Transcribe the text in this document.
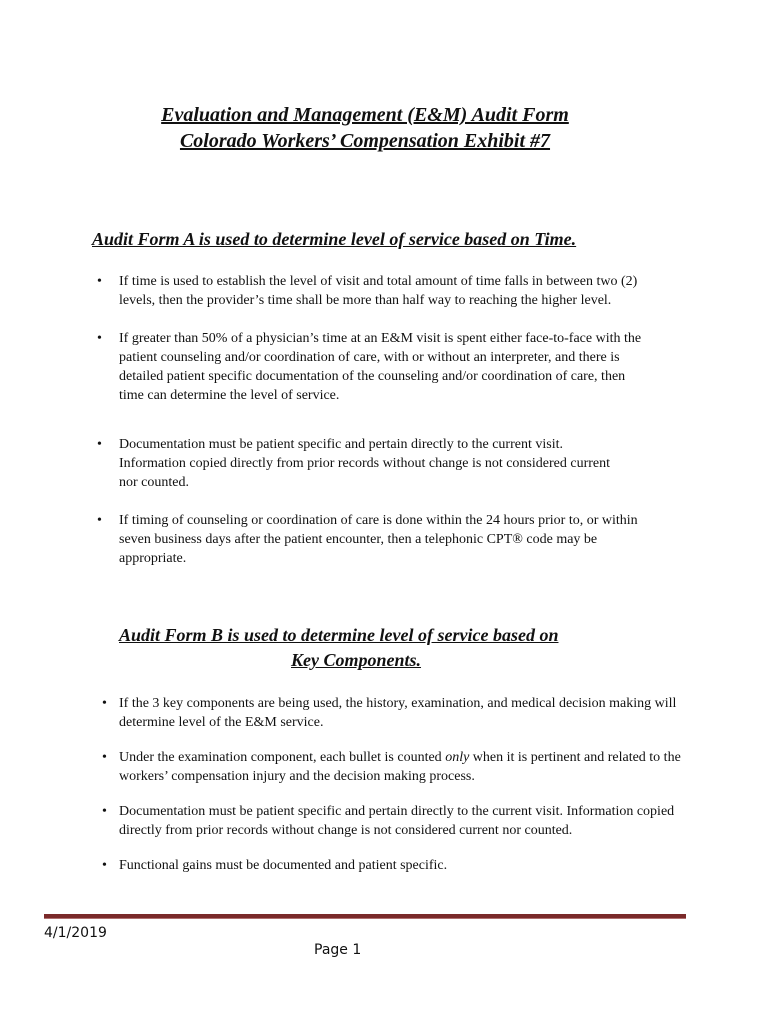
Evaluation and Management (E&M) Audit Form
Colorado Workers’ Compensation Exhibit #7
Audit Form A is used to determine level of service based on Time.
• If time is used to establish the level of visit and total amount of time falls in between two (2) levels, then the provider’s time shall be more than half way to reaching the higher level.
• If greater than 50% of a physician’s time at an E&M visit is spent either face-to-face with the patient counseling and/or coordination of care, with or without an interpreter, and there is detailed patient specific documentation of the counseling and/or coordination of care, then time can determine the level of service.
• Documentation must be patient specific and pertain directly to the current visit. Information copied directly from prior records without change is not considered current nor counted.
• If timing of counseling or coordination of care is done within the 24 hours prior to, or within seven business days after the patient encounter, then a telephonic CPT® code may be appropriate.
Audit Form B is used to determine level of service based on
Key Components.
• If the 3 key components are being used, the history, examination, and medical decision making will determine level of the E&M service.
• Under the examination component, each bullet is counted only when it is pertinent and related to the workers’ compensation injury and the decision making process.
• Documentation must be patient specific and pertain directly to the current visit. Information copied directly from prior records without change is not considered current nor counted.
• Functional gains must be documented and patient specific.
4/1/2019
Page 1
